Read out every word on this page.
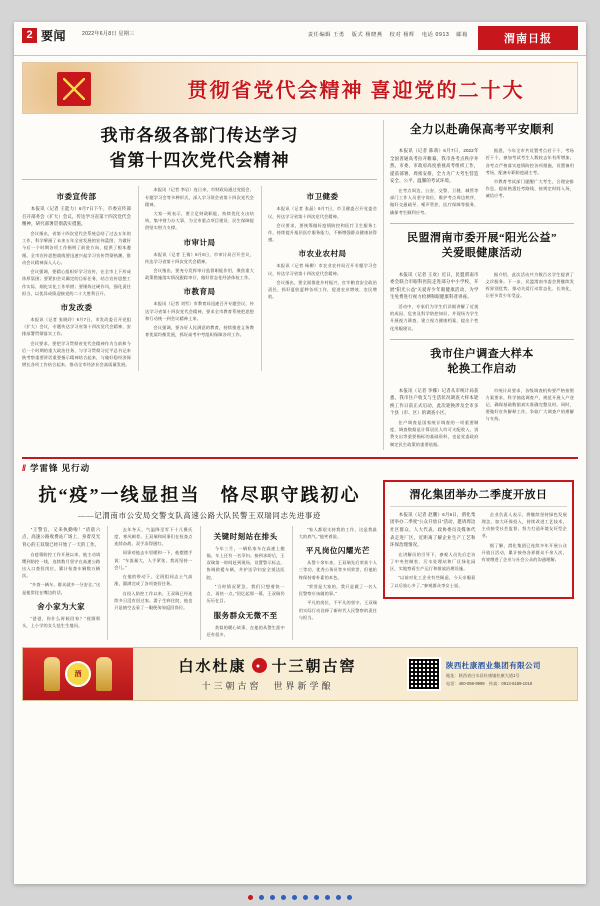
2 要闻	2022年6月8日 星期三	责任编辑 王勇 版式 杨晓燕 校对 杨辉 电话 0913 邮箱	渭南日报
贯彻省党代会精神 喜迎党的二十大
我市各级各部门传达学习
省第十四次党代会精神
市委宣传部

本报讯（记者 王能力）6月7日下午，市委宣传部召开部务会（扩大）会议，传达学习省第十四次党代会精神，研究部署贯彻落实措施。

会议指出，省第十四次党代会系统总结了过去五年的工作，科学擘画了未来五年全省发展的宏伟蓝图，为做好今后一个时期各项工作指明了前进方向、提供了根本遵循。全市宣传思想战线要迅速兴起学习宣传贯彻热潮，推动会议精神深入人心。

会议强调，要精心组织好学习宣传，在全市上下形成浓厚氛围；要紧扣会议确定的目标任务，结合宣传思想工作实际，细化实化工作举措；要锤炼过硬作风，强化责任担当，以优异成绩迎接党的二十大胜利召开。

市发改委

本报讯（记者 张晓玲）6月7日，市发改委召开党组（扩大）会议，专题传达学习省第十四次党代会精神，安排部署贯彻落实工作。

会议要求，要把学习贯彻省党代会精神作为当前和今后一个时期的重大政治任务，与学习贯彻习近平总书记来陕考察重要讲话重要指示精神结合起来，与做好稳经济保增长各项工作结合起来，推动全市经济社会高质量发展。

本报讯（记者 李岩）连日来，市财政局通过党组会、专题学习会等多种形式，深入学习领会省第十四次党代会精神。

大家一致表示，要立足财政职能，持续优化支出结构，集中财力办大事，为全市重点项目建设、民生保障提供坚实财力支撑。

市审计局

本报讯（记者 王倩）6月6日，市审计局召开会议，传达学习省第十四次党代会精神。

会议指出，要充分发挥审计监督职能作用，聚焦重大政策措施落实情况跟踪审计，做好常态化经济体检工作。

市教育局

本报讯（记者 刘雪）市教育局迅速召开专题会议，传达学习省第十四次党代会精神，要求全市教育系统把思想和行动统一到会议精神上来。

会议强调，要办好人民满意的教育，持续推进义务教育优质均衡发展，抓好高考中考组织保障各项工作。

市卫健委

本报讯（记者 张晶）6月7日，市卫健委召开党委会议，传达学习省第十四次党代会精神。

会议要求，要统筹做好疫情防控和医疗卫生服务工作，持续提升基层医疗服务能力，不断增强群众健康获得感。

市农业农村局

本报讯（记者 杨柳）市农业农村局召开专题学习会议，传达学习省第十四次党代会精神。

会议指出，要全面推进乡村振兴，扛牢粮食安全政治责任，抓好夏收夏种各项工作，促进农业增效、农民增收。

全力以赴确保高考平安顺利

本报讯（记者 陈萌）6月7日，2022年全国普通高考拉开帷幕，我市各考点秩序井然。市委、市政府高度重视高考组织工作，提前部署、周密安排，全力为广大考生营造安全、公平、温馨的考试环境。

在考点周边，公安、交警、卫健、城管等部门工作人员坚守岗位，维护考点周边秩序，做好交通疏导、噪声管控、医疗保障等服务，确保考生顺利应考。

据悉，今年全市共设置考点若干个，考场若干个，参加考试考生人数较去年有所增加。各考点严格落实疫情防控各项措施，设置备用考场，配备专职防疫副主考。

市教育考试部门提醒广大考生，合理安排作息，提前熟悉赴考路线，按规定时间入场，诚信应考。

民盟渭南市委开展“阳光公益”
关爱眼健康活动

本报讯（记者 王欢）近日，民盟渭南市委会联合市眼科医院走进部分中小学校，开展“阳光公益”关爱青少年眼健康活动，为学生免费进行视力检测和眼健康科普讲座。

活动中，专家们为学生们详细讲解了近视的成因、危害及科学防控知识，并现场为学生开展视力筛查，建立视力健康档案，提出个性化用眼建议。

据介绍，此次活动共为数百名学生提供了义诊服务。下一步，民盟渭南市委会将继续发挥界别优势，推动关爱行动常态化、长效化，让更多青少年受益。

我市住户调查大样本
轮换工作启动

本报讯（记者 李娜）记者从市统计局获悉，我市住户收支与生活状况调查大样本轮换工作日前正式启动，此次轮换涉及全市多个县（市、区）的调查小区。

住户调查是国家统计调查的一项重要制度，调查数据是计算居民人均可支配收入、消费支出等重要指标的基础资料，也是党委政府制定民生政策的重要依据。

市统计局要求，各级调查机构要严格按照方案要求，科学抽选调查户，规范开展入户登记，确保基础数据真实准确完整及时。同时，要做好宣传解释工作，争取广大调查户的理解与支持。

// 学雷锋 见行动
抗“疫”一线显担当　恪尽职守践初心
——记渭南市公安局交警支队高速公路大队民警王双瑞同志先进事迹

“王警官，又来执勤啦！”清晨六点，高速公路收费站广场上，身着反光背心的王双瑞已经开始了一天的工作。

自疫情防控工作开展以来，他主动请缨到防控一线，连续数月坚守在高速公路出入口查验岗位，累计检查车辆数万辆次。

“多查一辆车，群众就多一分安全。”这是他常挂在嘴边的话。

舍小家为大家

“爸爸，你什么时候回家？”视频那头，上小学的女儿怯生生地问。

去年冬天，气温降至零下十几摄氏度，寒风刺骨。王双瑞和同事们在检查点连续奋战，双手冻得通红。

同事劝他去车里暖和一下，他摆摆手说：“车流量大，人手紧张，我再坚持一会儿。”

在他的带动下，全班组同志士气高涨，圆满完成了各项查验任务。

自投入防控工作以来，王双瑞已经连续多日没有回过家。妻子生病住院，他也只是抽空去看了一眼便匆匆返回岗位。

关键时刻站在排头

今年三月，一辆私家车在高速上抛锚，车上还有一名孕妇。接到求助后，王双瑞第一时间赶到现场，设置警示标志，协调救援车辆，并护送孕妇安全抵达医院。

“当时情况紧急，我们只想着快一点、再快一点。”回忆起那一幕，王双瑞仍历历在目。

服务群众无微不至

类似的暖心故事，在他的从警生涯中还有很多。

“家人都很支持我的工作，这是我最大的底气。”他笑着说。

平凡岗位闪耀光芒

从警十余年来，王双瑞先后荣获个人三等功、优秀公务员等多项荣誉，但他始终保持着朴素的本色。

“荣誉是大家的，我只是做了一名人民警察应该做的事。”

平凡的岗位，不平凡的坚守。王双瑞用实际行动诠释了新时代人民警察的责任与担当。

渭化集团举办二季度开放日

本报讯（记者 赵鹏）6月6日，渭化集团举办二季度“公众开放日”活动，邀请周边社区群众、人大代表、政协委员及媒体代表走进厂区，近距离了解企业生产工艺和环保治理情况。

在讲解员的引导下，参观人员先后走访了中央控制室、污水处理站和厂区绿化园区，实地察看生产运行和排放治理设施。

“以前对化工企业有些顾虑，今天亲眼看了以后放心多了。”参观群众李女士说。

企业负责人表示，将继续坚持绿色发展理念，加大环保投入，持续改进工艺技术，主动接受社会监督，努力打造环境友好型企业。

据了解，渭化集团已连续多年开展公众开放日活动，累计接待各界群众千余人次，有效增进了企业与社会公众的沟通理解。

酒	白水杜康	● 十三朝古窖
十三朝古窖　世界新学酿
陕西杜康酒业集团有限公司
地址：陕西省白水县杜康镇杜康大道1号
电话：400-098-9999　传真：0913-6189-1018
